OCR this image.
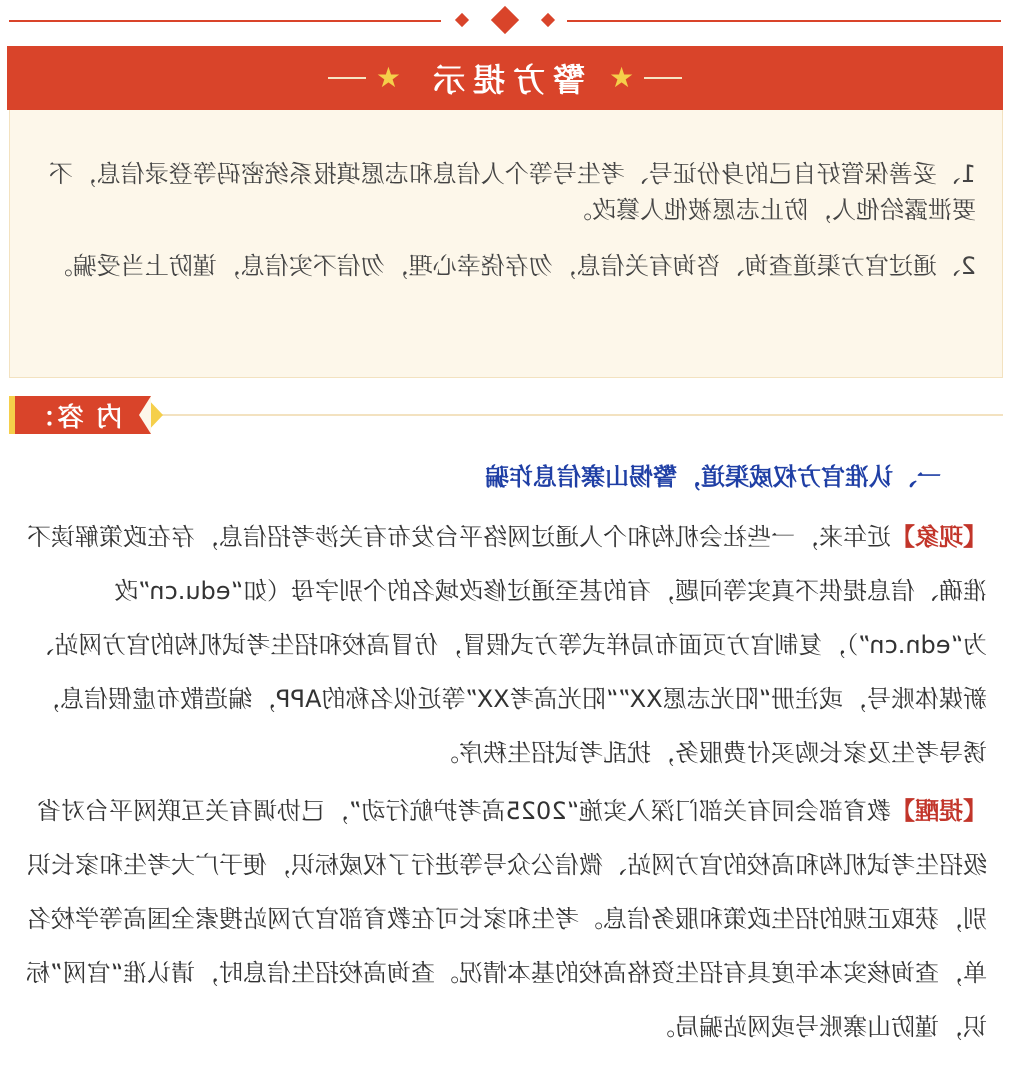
★
警方提示
★

1、妥善保管好自己的身份证号、考生号等个人信息和志愿填报系统密码等登录信息，不要泄露给他人，防止志愿被他人篡改。

2、通过官方渠道查询、咨询有关信息，勿存侥幸心理，勿信不实信息，谨防上当受骗。

内 容：
一、认准官方权威渠道，警惕山寨信息诈骗

【现象】近年来，一些社会机构和个人通过网络平台发布有关涉考招信息，存在政策解读不准确、信息提供不真实等问题，有的甚至通过修改域名的个别字母（如“edu.cn”改为“edn.cn”），复制官方页面布局样式等方式假冒，仿冒高校和招生考试机构的官方网站、新媒体账号，或注册“阳光志愿XX”“阳光高考XX”等近似名称的APP，编造散布虚假信息，诱导考生及家长购买付费服务，扰乱考试招生秩序。

【提醒】教育部会同有关部门深入实施“2025高考护航行动”，已协调有关互联网平台对省级招生考试机构和高校的官方网站、微信公众号等进行了权威标识，便于广大考生和家长识别，获取正规的招生政策和服务信息。考生和家长可在教育部官方网站搜索全国高等学校名单，查询核实本年度具有招生资格高校的基本情况。查询高校招生信息时，请认准“官网”标识，谨防山寨账号或网站骗局。
